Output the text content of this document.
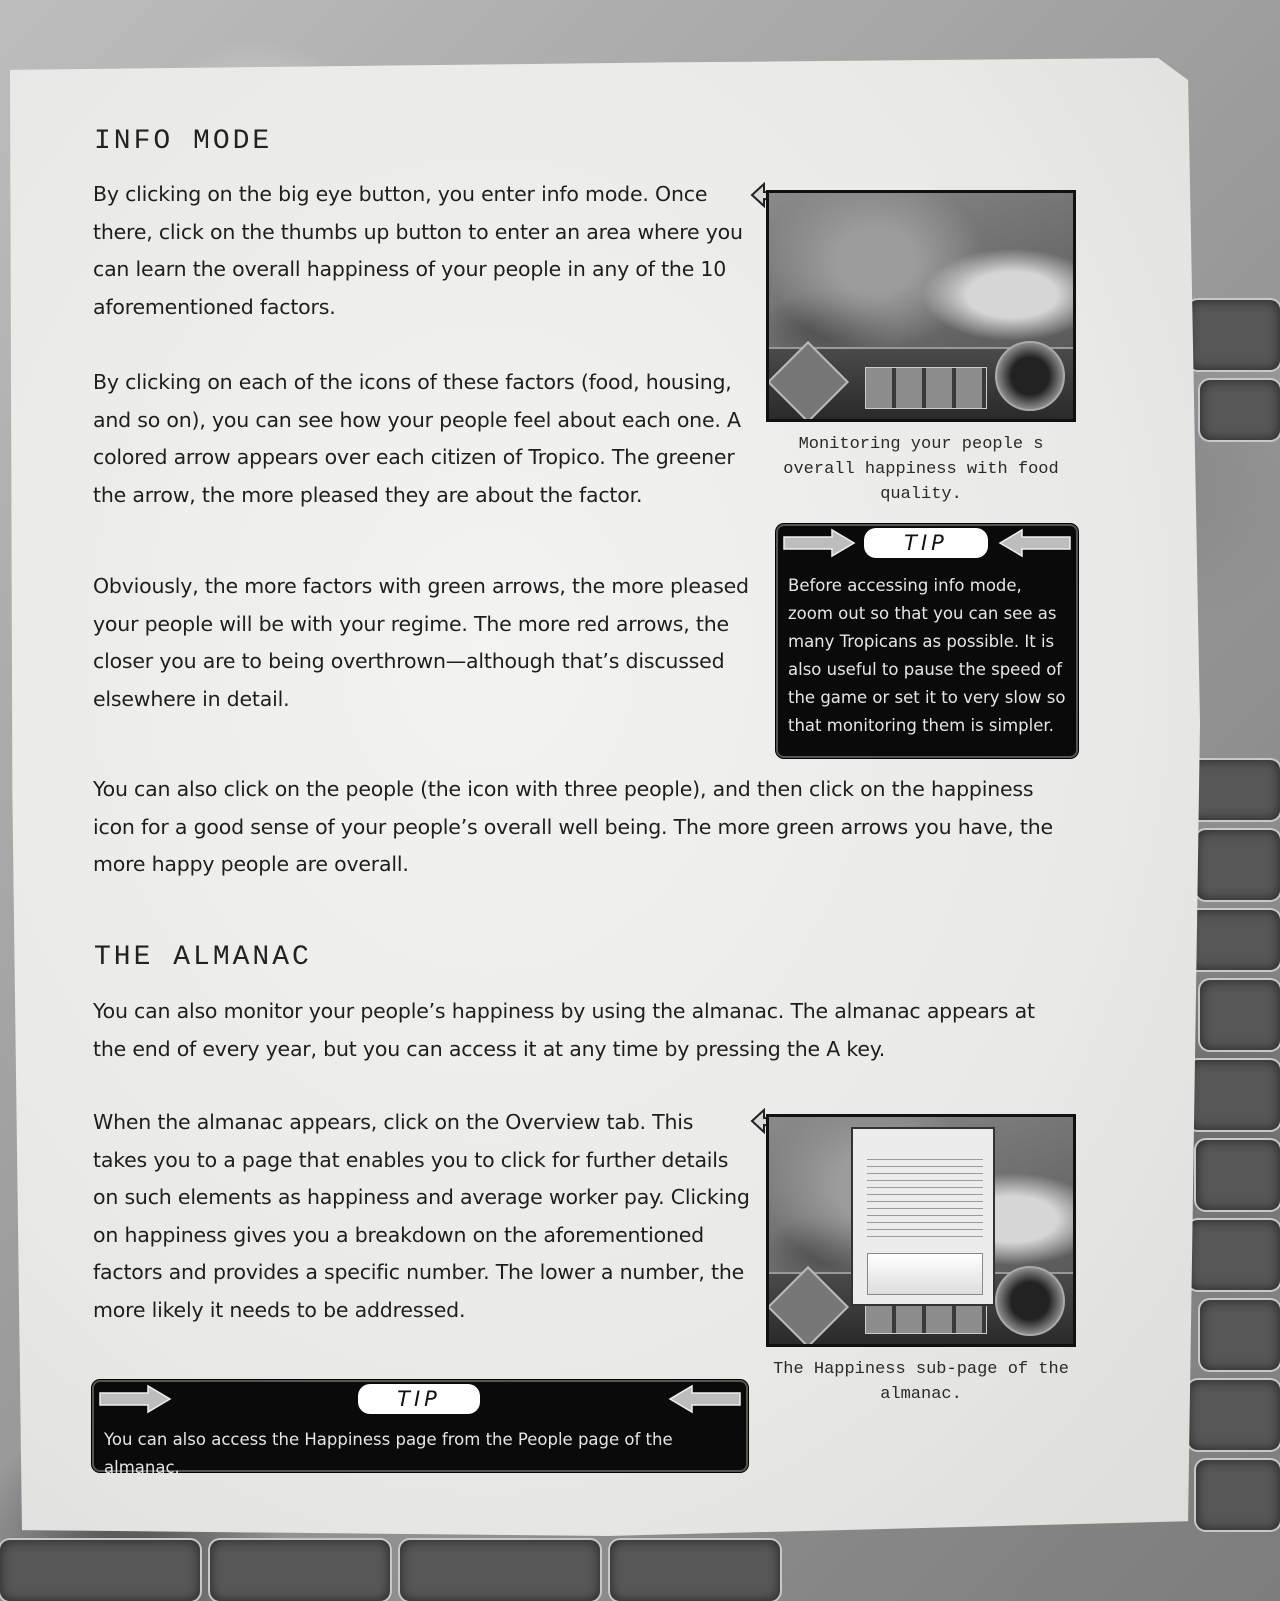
INFO MODE

By clicking on the big eye button, you enter info mode. Once there, click on the thumbs up button to enter an area where you can learn the overall happiness of your people in any of the 10 aforementioned factors.

By clicking on each of the icons of these factors (food, housing, and so on), you can see how your people feel about each one. A colored arrow appears over each citizen of Tropico. The greener the arrow, the more pleased they are about the factor.

Obviously, the more factors with green arrows, the more pleased your people will be with your regime. The more red arrows, the closer you are to being overthrown—although that’s discussed elsewhere in detail.

You can also click on the people (the icon with three people), and then click on the happiness icon for a good sense of your people’s overall well being. The more green arrows you have, the more happy people are overall.

Monitoring your people s overall happiness with food quality.

TIP

Before accessing info mode, zoom out so that you can see as many Tropicans as possible. It is also useful to pause the speed of the game or set it to very slow so that monitoring them is simpler.

THE ALMANAC

You can also monitor your people’s happiness by using the almanac. The almanac appears at the end of every year, but you can access it at any time by pressing the A key.

When the almanac appears, click on the Overview tab. This takes you to a page that enables you to click for further details on such elements as happiness and average worker pay. Clicking on happiness gives you a breakdown on the aforementioned factors and provides a specific number. The lower a number, the more likely it needs to be addressed.

The Happiness sub-page of the almanac.

TIP

You can also access the Happiness page from the People page of the almanac.
